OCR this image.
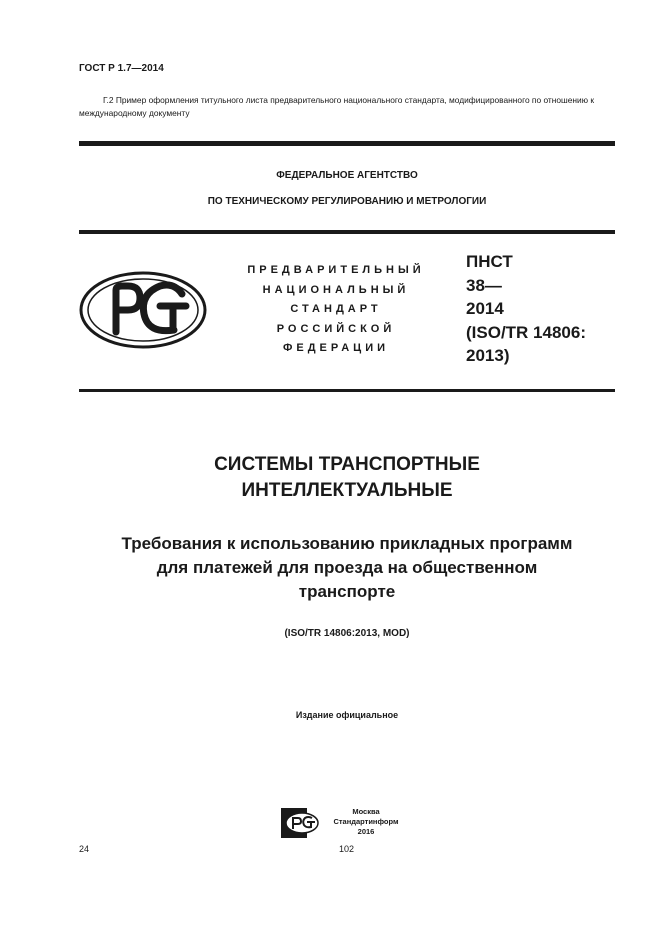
ГОСТ Р 1.7—2014
Г.2 Пример оформления титульного листа предварительного национального стандарта, модифицированного по отношению к международному документу
ФЕДЕРАЛЬНОЕ АГЕНТСТВО
ПО ТЕХНИЧЕСКОМУ РЕГУЛИРОВАНИЮ И МЕТРОЛОГИИ
ПРЕДВАРИТЕЛЬНЫЙ
НАЦИОНАЛЬНЫЙ
СТАНДАРТ
РОССИЙСКОЙ
ФЕДЕРАЦИИ
ПНСТ
38—
2014
(ISO/TR 14806:
2013)
СИСТЕМЫ ТРАНСПОРТНЫЕ
ИНТЕЛЛЕКТУАЛЬНЫЕ
Требования к использованию прикладных программ
для платежей для проезда на общественном
транспорте
(ISO/TR 14806:2013, MOD)
Издание официальное
Москва
Стандартинформ
2016
24	102
